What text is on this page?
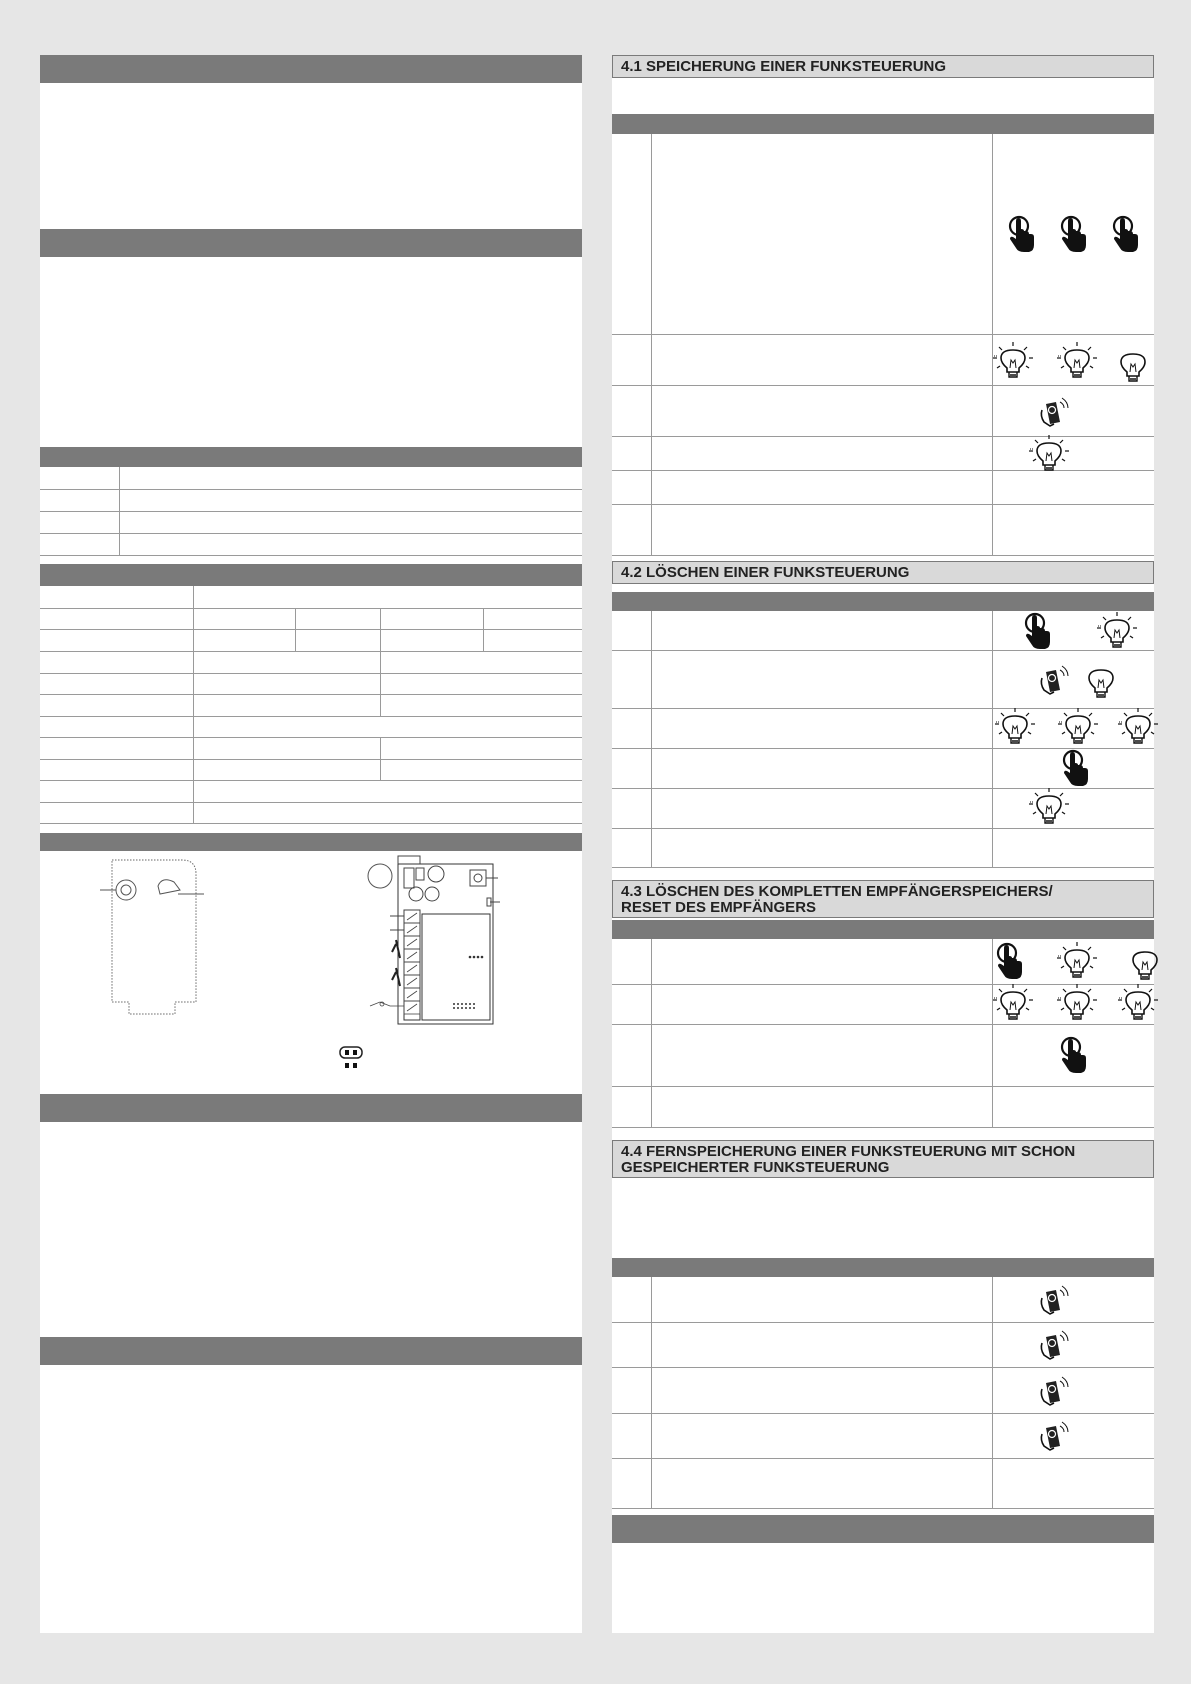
4.1 SPEICHERUNG EINER FUNKSTEUERUNG
4.2 LÖSCHEN EINER FUNKSTEUERUNG
4.3 LÖSCHEN DES KOMPLETTEN EMPFÄNGERSPEICHERS/
RESET DES EMPFÄNGERS
4.4 FERNSPEICHERUNG EINER FUNKSTEUERUNG MIT SCHON
GESPEICHERTER FUNKSTEUERUNG
